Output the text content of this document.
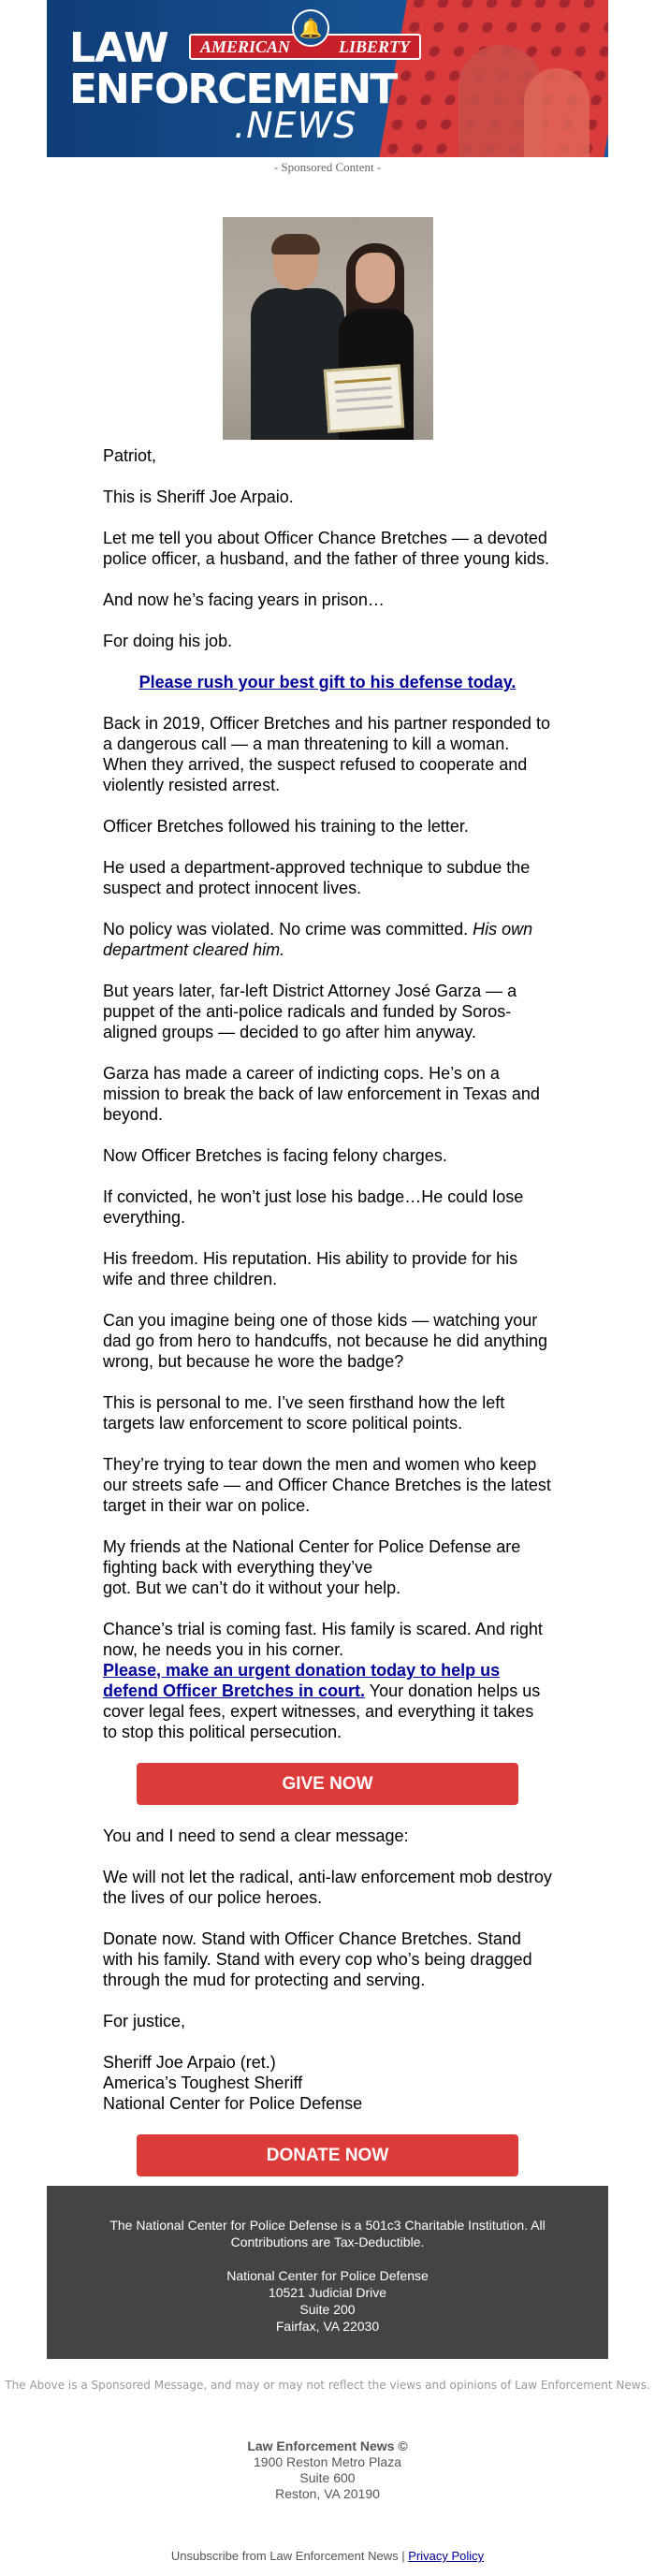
LAW AMERICAN	LIBERTY
🔔
ENFORCEMENT
.NEWS
- Sponsored Content -

Patriot,

This is Sheriff Joe Arpaio.

Let me tell you about Officer Chance Bretches — a devoted police officer, a husband, and the father of three young kids.

And now he’s facing years in prison…

For doing his job.

Please rush your best gift to his defense today.

Back in 2019, Officer Bretches and his partner responded to a dangerous call — a man threatening to kill a woman. When they arrived, the suspect refused to cooperate and violently resisted arrest.

Officer Bretches followed his training to the letter.

He used a department-approved technique to subdue the suspect and protect innocent lives.

No policy was violated. No crime was committed. His own department cleared him.

But years later, far-left District Attorney José Garza — a puppet of the anti-police radicals and funded by Soros-aligned groups — decided to go after him anyway.

Garza has made a career of indicting cops. He’s on a mission to break the back of law enforcement in Texas and beyond.

Now Officer Bretches is facing felony charges.

If convicted, he won’t just lose his badge…He could lose everything.

His freedom. His reputation. His ability to provide for his wife and three children.

Can you imagine being one of those kids — watching your dad go from hero to handcuffs, not because he did anything wrong, but because he wore the badge?

This is personal to me. I’ve seen firsthand how the left targets law enforcement to score political points.

They’re trying to tear down the men and women who keep our streets safe — and Officer Chance Bretches is the latest target in their war on police.

My friends at the National Center for Police Defense are fighting back with everything they’ve
got. But we can’t do it without your help.

Chance’s trial is coming fast. His family is scared. And right now, he needs you in his corner.
Please, make an urgent donation today to help us defend Officer Bretches in court. Your donation helps us cover legal fees, expert witnesses, and everything it takes to stop this political persecution.

GIVE NOW

You and I need to send a clear message:

We will not let the radical, anti-law enforcement mob destroy the lives of our police heroes.

Donate now. Stand with Officer Chance Bretches. Stand with his family. Stand with every cop who’s being dragged through the mud for protecting and serving.

For justice,

Sheriff Joe Arpaio (ret.)
America’s Toughest Sheriff
National Center for Police Defense

DONATE NOW

The National Center for Police Defense is a 501c3 Charitable Institution. All Contributions are Tax-Deductible.
National Center for Police Defense
10521 Judicial Drive
Suite 200
Fairfax, VA 22030
The Above is a Sponsored Message, and may or may not reflect the views and opinions of Law Enforcement News.
Law Enforcement News ©
1900 Reston Metro Plaza
Suite 600
Reston, VA 20190
Unsubscribe from Law Enforcement News | Privacy Policy
